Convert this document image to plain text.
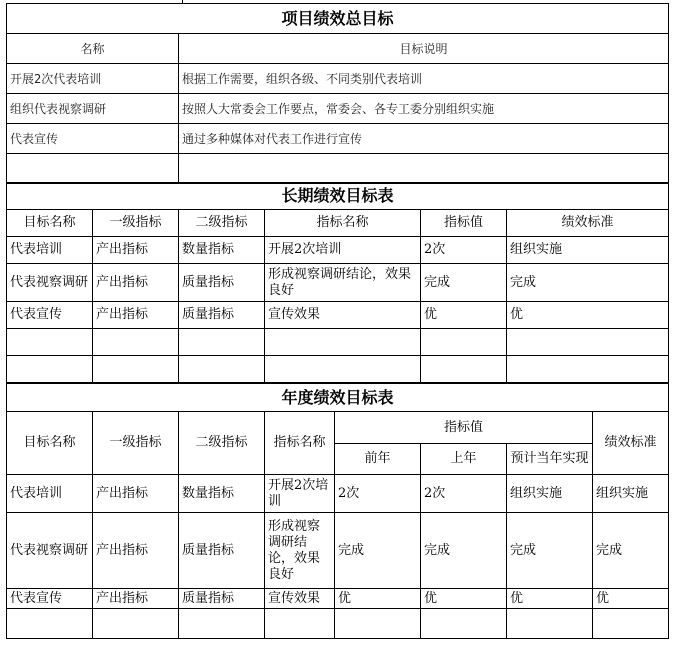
项目绩效总目标	
名称	目标说明
开展2次代表培训	根据工作需要，组织各级、不同类别代表培训
组织代表视察调研	按照人大常委会工作要点，常委会、各专工委分别组织实施
代表宣传	通过多种媒体对代表工作进行宣传

长期绩效目标表					
目标名称	一级指标	二级指标	指标名称	指标值	绩效标准
代表培训	产出指标	数量指标	开展2次培训	2次	组织实施
代表视察调研	产出指标	质量指标	形成视察调研结论，效果良好	完成	完成
代表宣传	产出指标	质量指标	宣传效果	优	优

年度绩效目标表							
目标名称	一级指标	二级指标	指标名称	指标值			绩效标准
				前年	上年	预计当年实现	
代表培训	产出指标	数量指标	开展2次培训	2次	2次	组织实施	组织实施
代表视察调研	产出指标	质量指标	形成视察调研结论，效果良好	完成	完成	完成	完成
代表宣传	产出指标	质量指标	宣传效果	优	优	优	优
